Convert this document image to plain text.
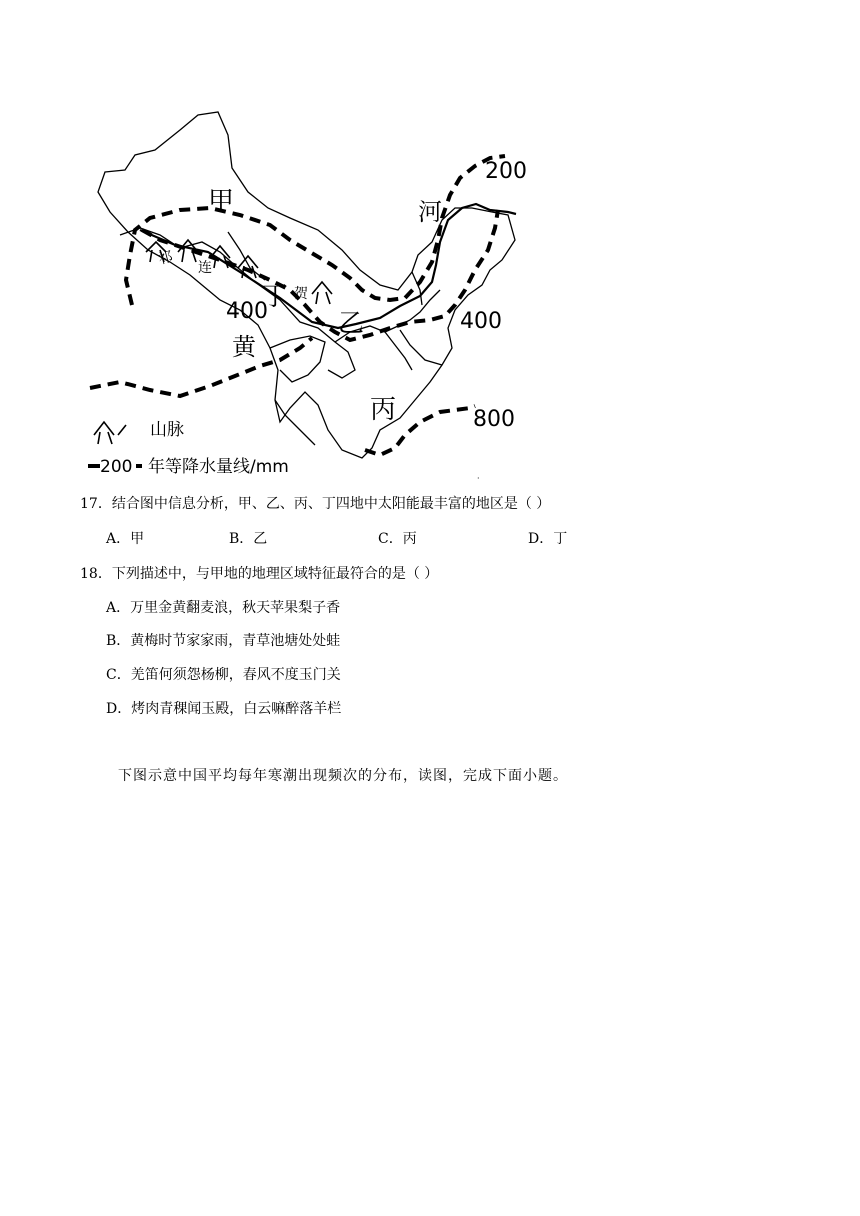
甲
乙
丙
丁
河
黄
200
400	400
800
祁
连
贺
山脉
200 年等降水量线/mm
·
17．结合图中信息分析，甲、乙、丙、丁四地中太阳能最丰富的地区是（ ）
A．甲	B．乙	C．丙	D．丁
18．下列描述中，与甲地的地理区域特征最符合的是（ ）
A．万里金黄翻麦浪，秋天苹果梨子香
B．黄梅时节家家雨，青草池塘处处蛙
C．羌笛何须怨杨柳，春风不度玉门关
D．烤肉青稞闻玉殿，白云嘛醉落羊栏
下图示意中国平均每年寒潮出现频次的分布，读图，完成下面小题。
